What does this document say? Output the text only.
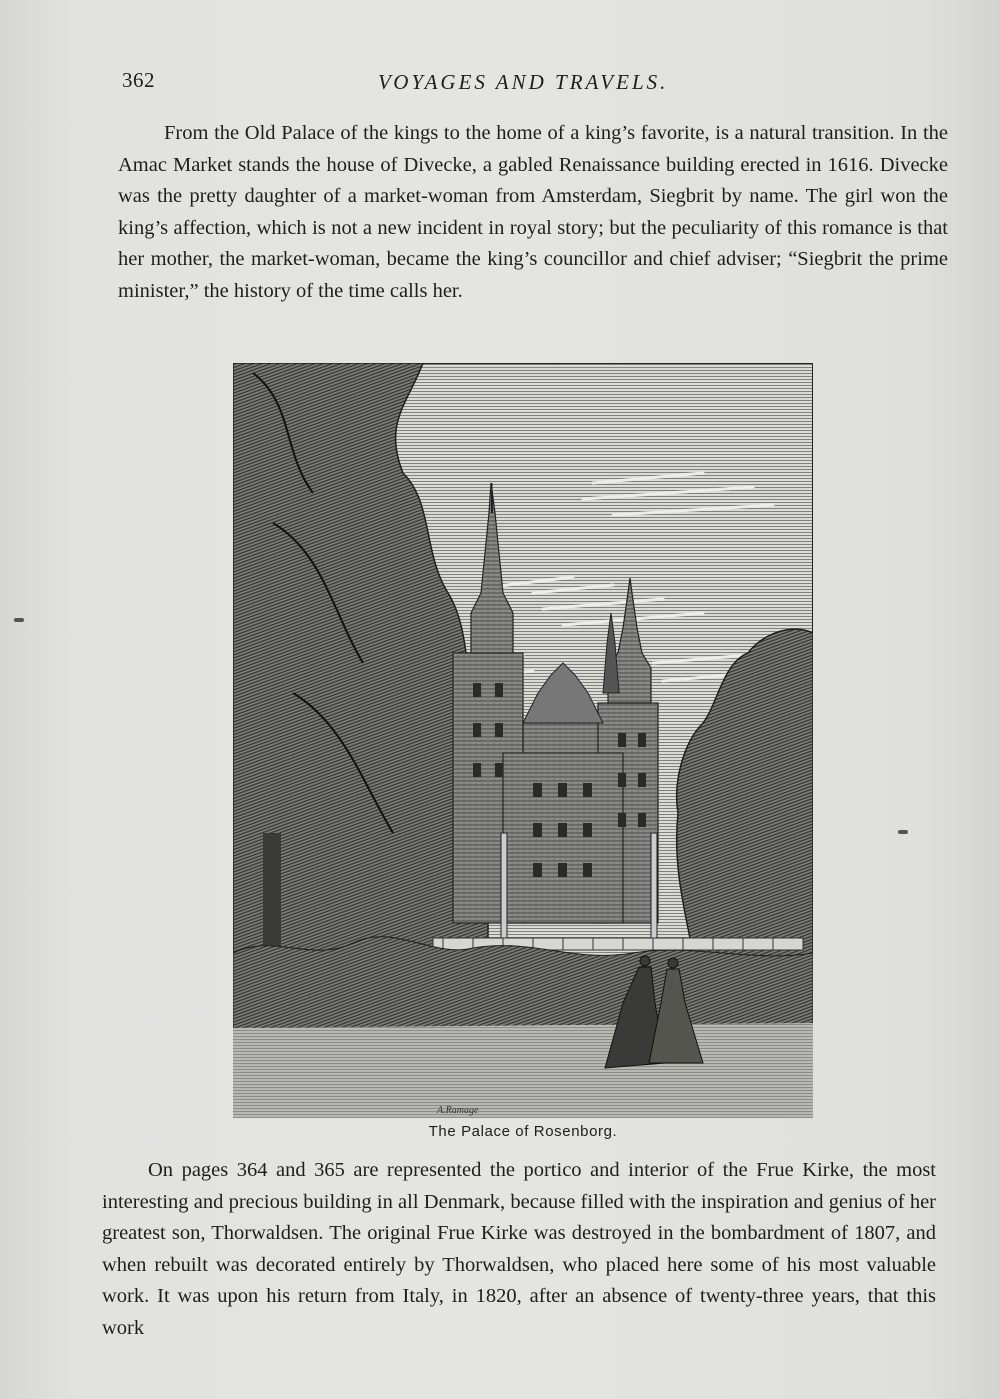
362	VOYAGES AND TRAVELS.

From the Old Palace of the kings to the home of a king’s favorite, is a natural transition. In the Amac Market stands the house of Divecke, a gabled Renaissance building erected in 1616. Divecke was the pretty daughter of a market-woman from Amsterdam, Siegbrit by name. The girl won the king’s affection, which is not a new incident in royal story; but the peculiarity of this romance is that her mother, the market-woman, became the king’s councillor and chief adviser; “Siegbrit the prime minister,” the history of the time calls her.

A.Ramage
The Palace of Rosenborg.

On pages 364 and 365 are represented the portico and interior of the Frue Kirke, the most interesting and precious building in all Denmark, because filled with the inspiration and genius of her greatest son, Thorwaldsen. The original Frue Kirke was destroyed in the bombardment of 1807, and when rebuilt was decorated entirely by Thorwaldsen, who placed here some of his most valuable work. It was upon his return from Italy, in 1820, after an absence of twenty-three years, that this work
